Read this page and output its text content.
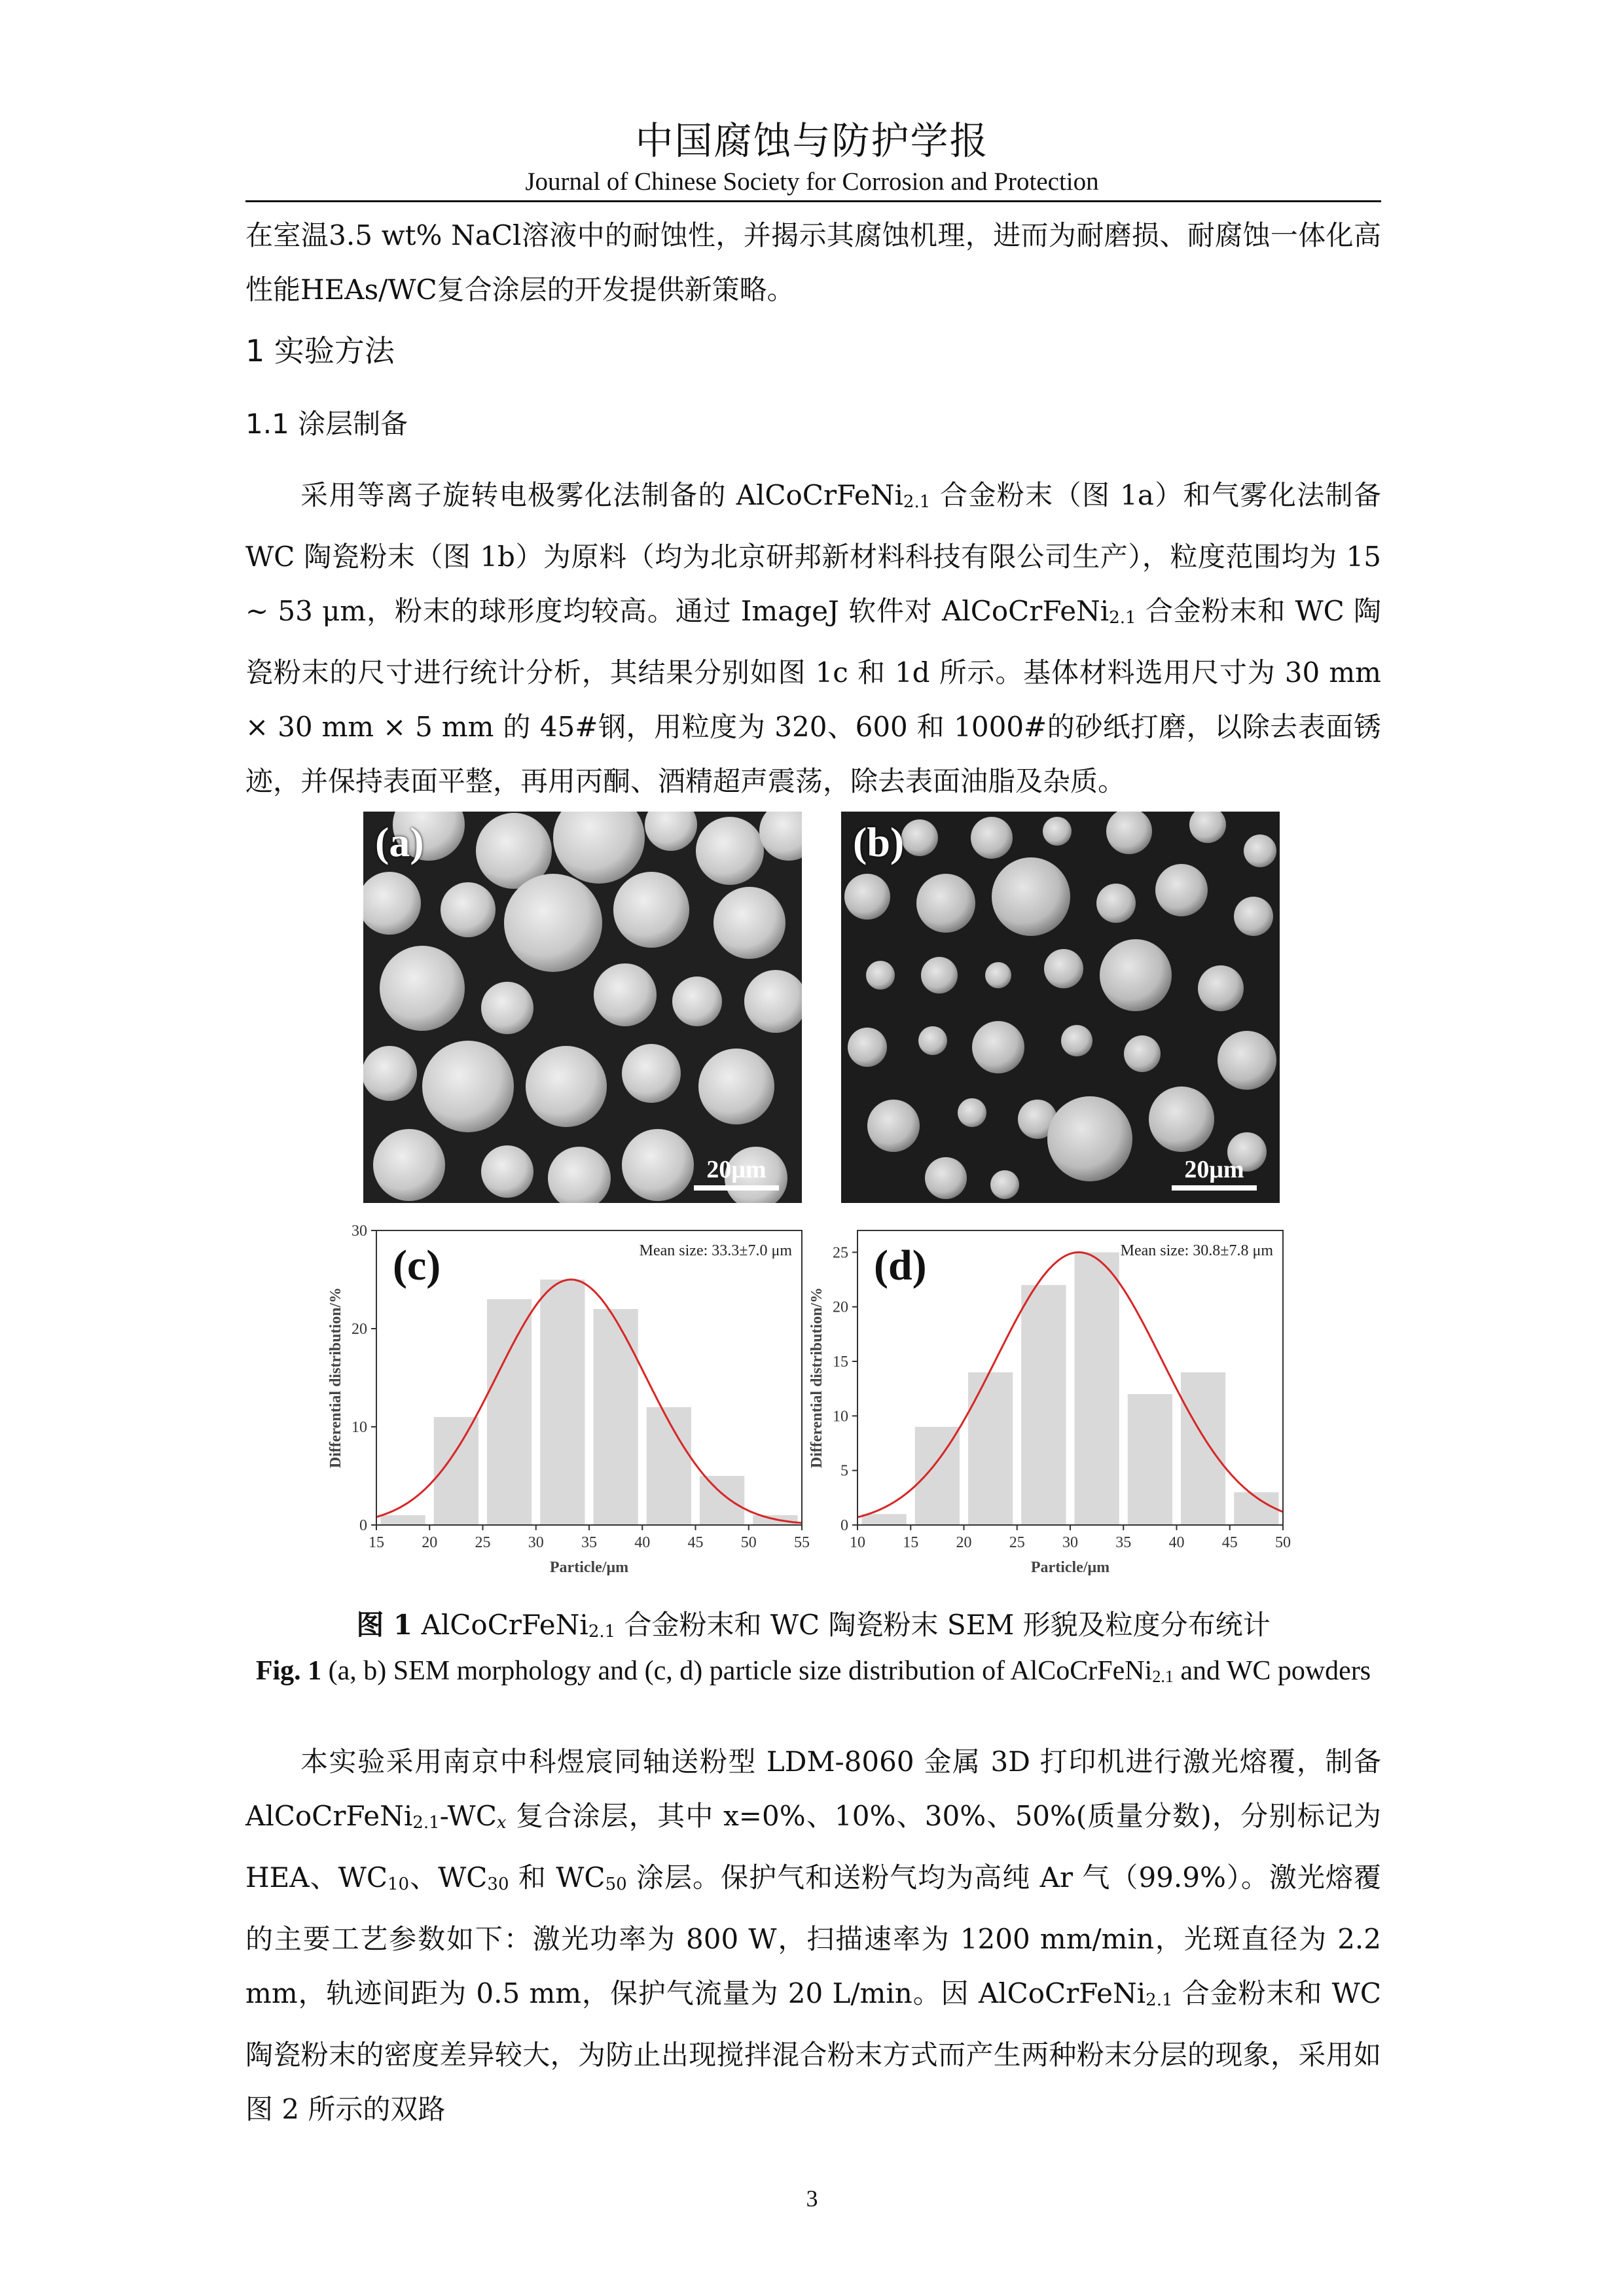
中国腐蚀与防护学报
Journal of Chinese Society for Corrosion and Protection

在室温3.5 wt% NaCl溶液中的耐蚀性，并揭示其腐蚀机理，进而为耐磨损、耐腐蚀一体化高性能HEAs/WC复合涂层的开发提供新策略。

1 实验方法
1.1 涂层制备

采用等离子旋转电极雾化法制备的 AlCoCrFeNi2.1 合金粉末（图 1a）和气雾化法制备 WC 陶瓷粉末（图 1b）为原料（均为北京研邦新材料科技有限公司生产），粒度范围均为 15 ~ 53 μm，粉末的球形度均较高。通过 ImageJ 软件对 AlCoCrFeNi2.1 合金粉末和 WC 陶瓷粉末的尺寸进行统计分析，其结果分别如图 1c 和 1d 所示。基体材料选用尺寸为 30 mm × 30 mm × 5 mm 的 45#钢，用粒度为 320、600 和 1000#的砂纸打磨，以除去表面锈迹，并保持表面平整，再用丙酮、酒精超声震荡，除去表面油脂及杂质。

(a)
20μm
(b)
20μm
15 20 25 30 35 40 45 50 55
0
10
20
30
Particle/μm
Differential distribution/%
(c)	Mean size: 33.3±7.0 μm
10 15 20 25 30 35 40 45 50
0
5
10
15
20
25
Particle/μm
Differential distribution/%
(d)	Mean size: 30.8±7.8 μm
图 1 AlCoCrFeNi2.1 合金粉末和 WC 陶瓷粉末 SEM 形貌及粒度分布统计
Fig. 1 (a, b) SEM morphology and (c, d) particle size distribution of AlCoCrFeNi2.1 and WC powders

本实验采用南京中科煜宸同轴送粉型 LDM-8060 金属 3D 打印机进行激光熔覆，制备 AlCoCrFeNi2.1-WCx 复合涂层，其中 x=0%、10%、30%、50%(质量分数)，分别标记为 HEA、WC10、WC30 和 WC50 涂层。保护气和送粉气均为高纯 Ar 气（99.9%）。激光熔覆的主要工艺参数如下：激光功率为 800 W，扫描速率为 1200 mm/min，光斑直径为 2.2 mm，轨迹间距为 0.5 mm，保护气流量为 20 L/min。因 AlCoCrFeNi2.1 合金粉末和 WC 陶瓷粉末的密度差异较大，为防止出现搅拌混合粉末方式而产生两种粉末分层的现象，采用如图 2 所示的双路

3
